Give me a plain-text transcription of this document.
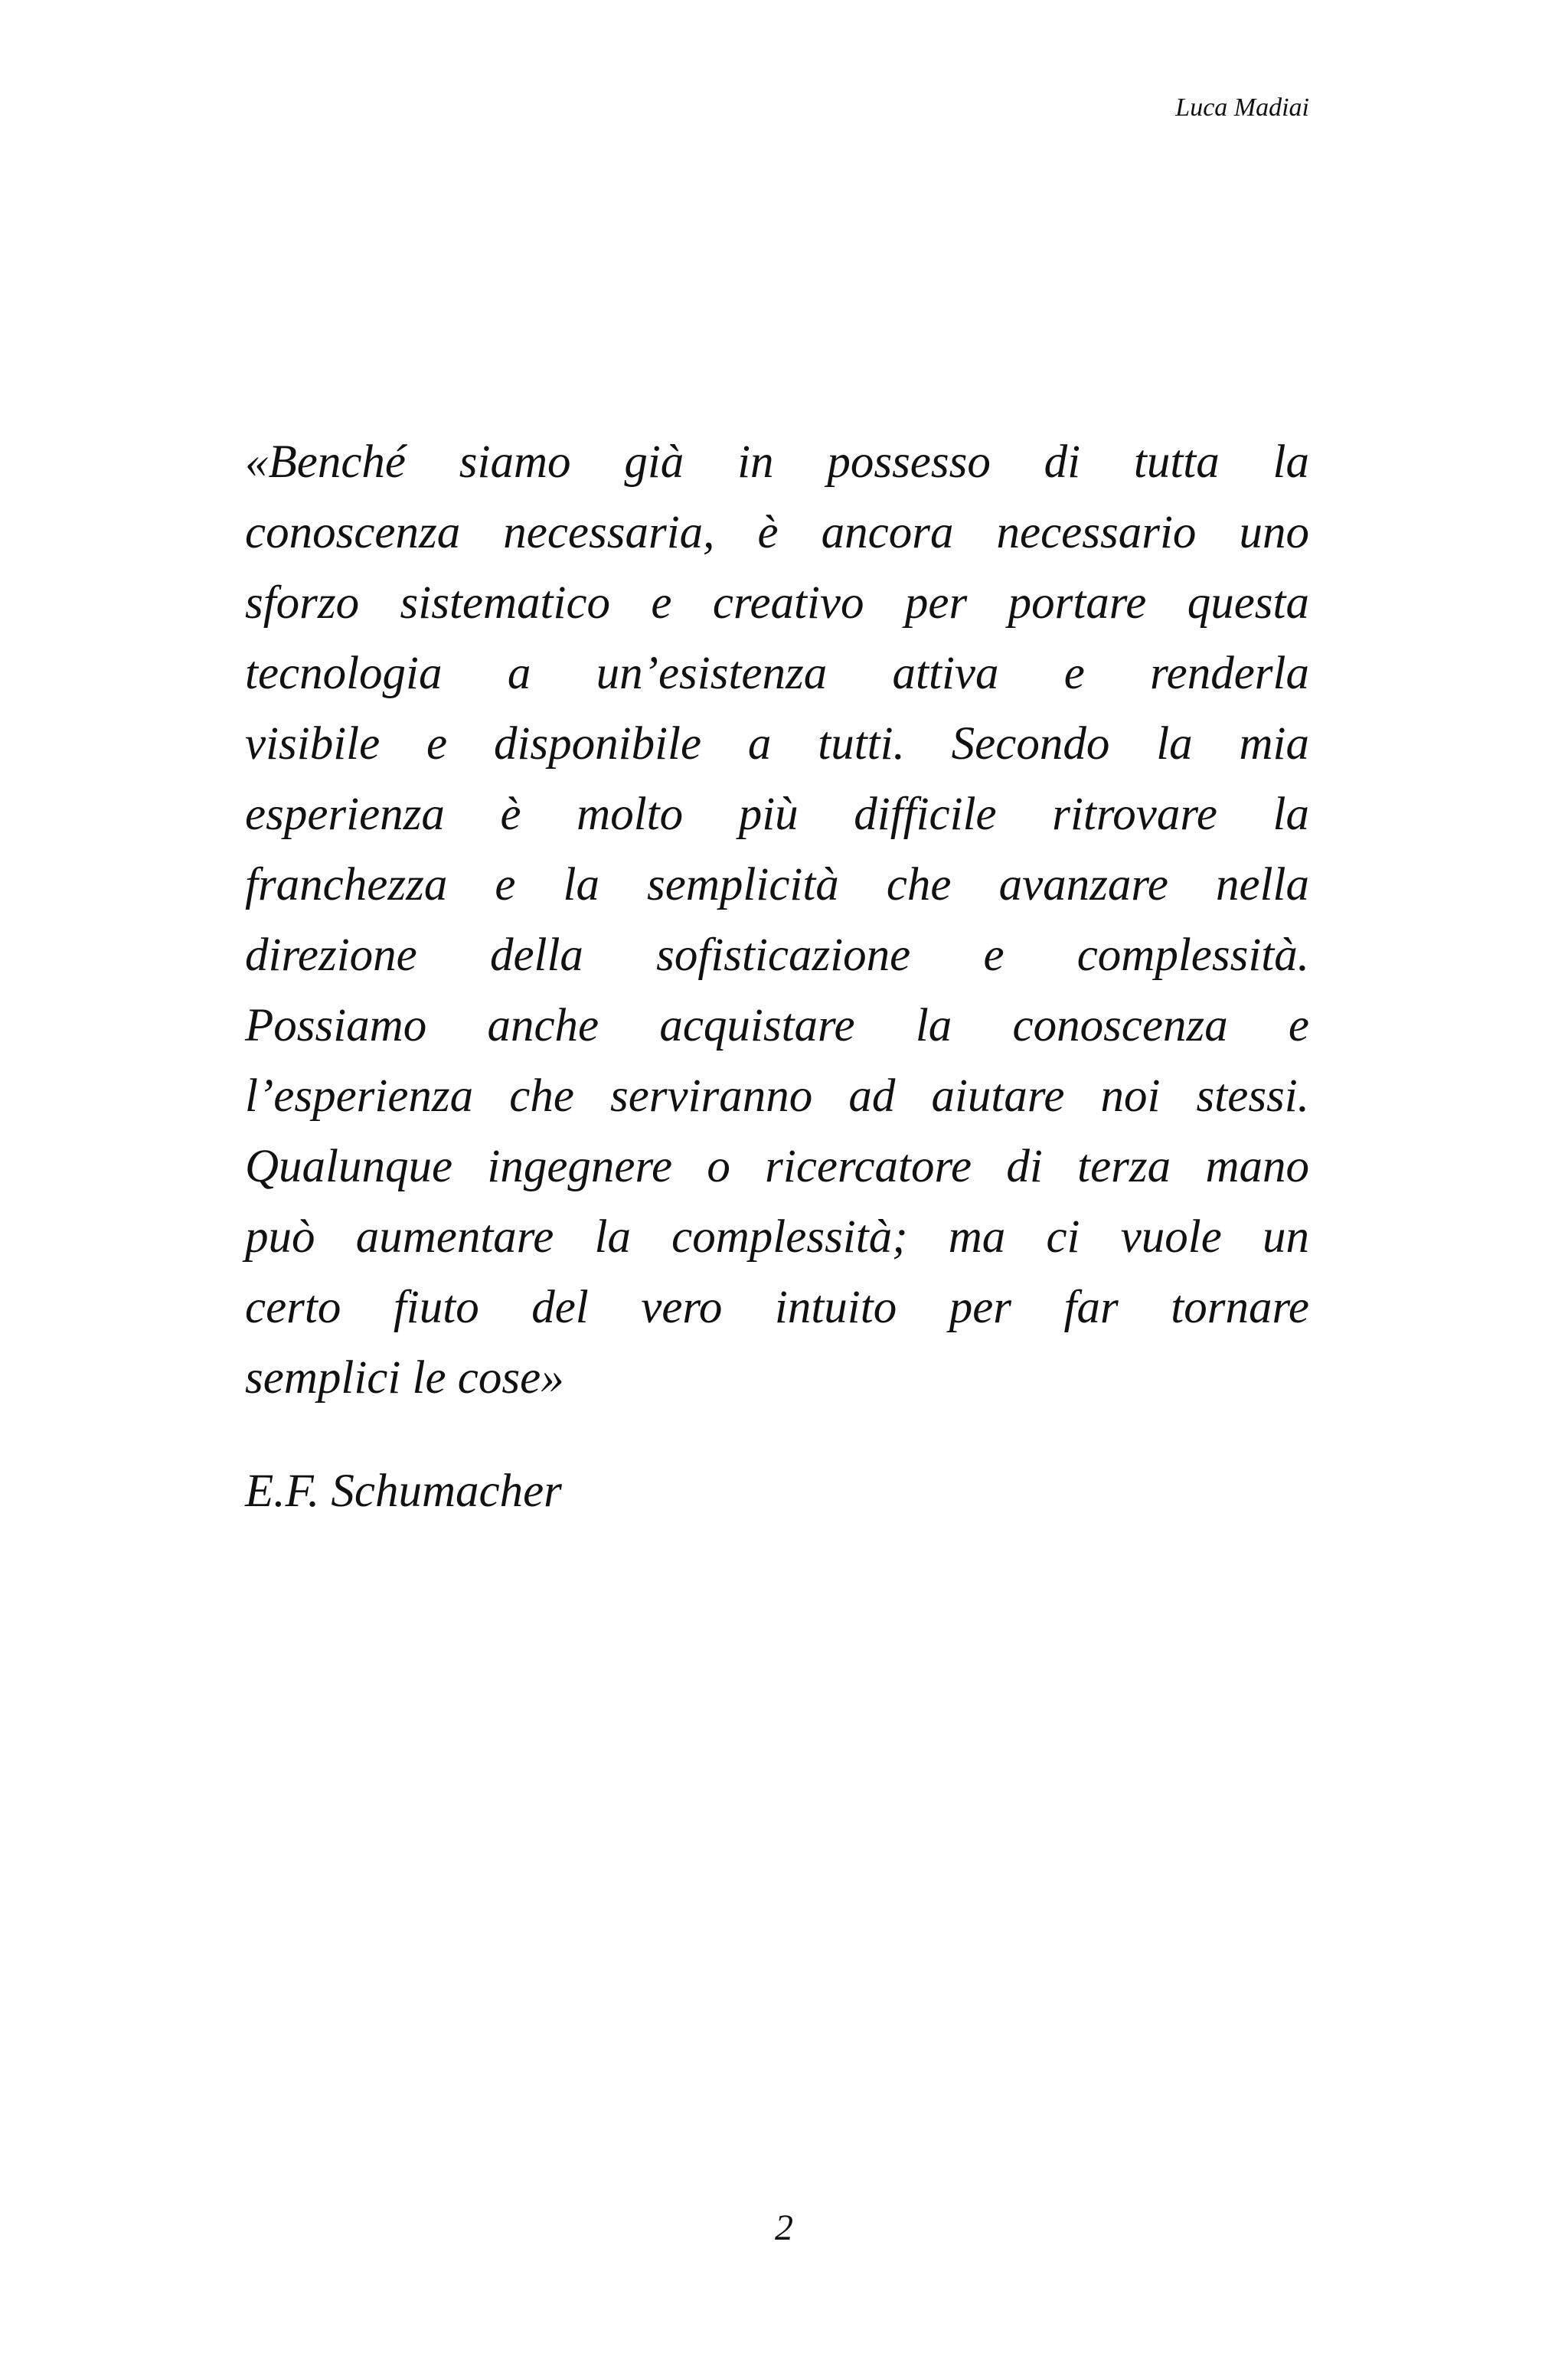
Luca Madiai
«Benché siamo già in possesso di tutta la
conoscenza necessaria, è ancora necessario uno
sforzo sistematico e creativo per portare questa
tecnologia a un’esistenza attiva e renderla
visibile e disponibile a tutti. Secondo la mia
esperienza è molto più difficile ritrovare la
franchezza e la semplicità che avanzare nella
direzione della sofisticazione e complessità.
Possiamo anche acquistare la conoscenza e
l’esperienza che serviranno ad aiutare noi stessi.
Qualunque ingegnere o ricercatore di terza mano
può aumentare la complessità; ma ci vuole un
certo fiuto del vero intuito per far tornare
semplici le cose»
E.F. Schumacher
2
